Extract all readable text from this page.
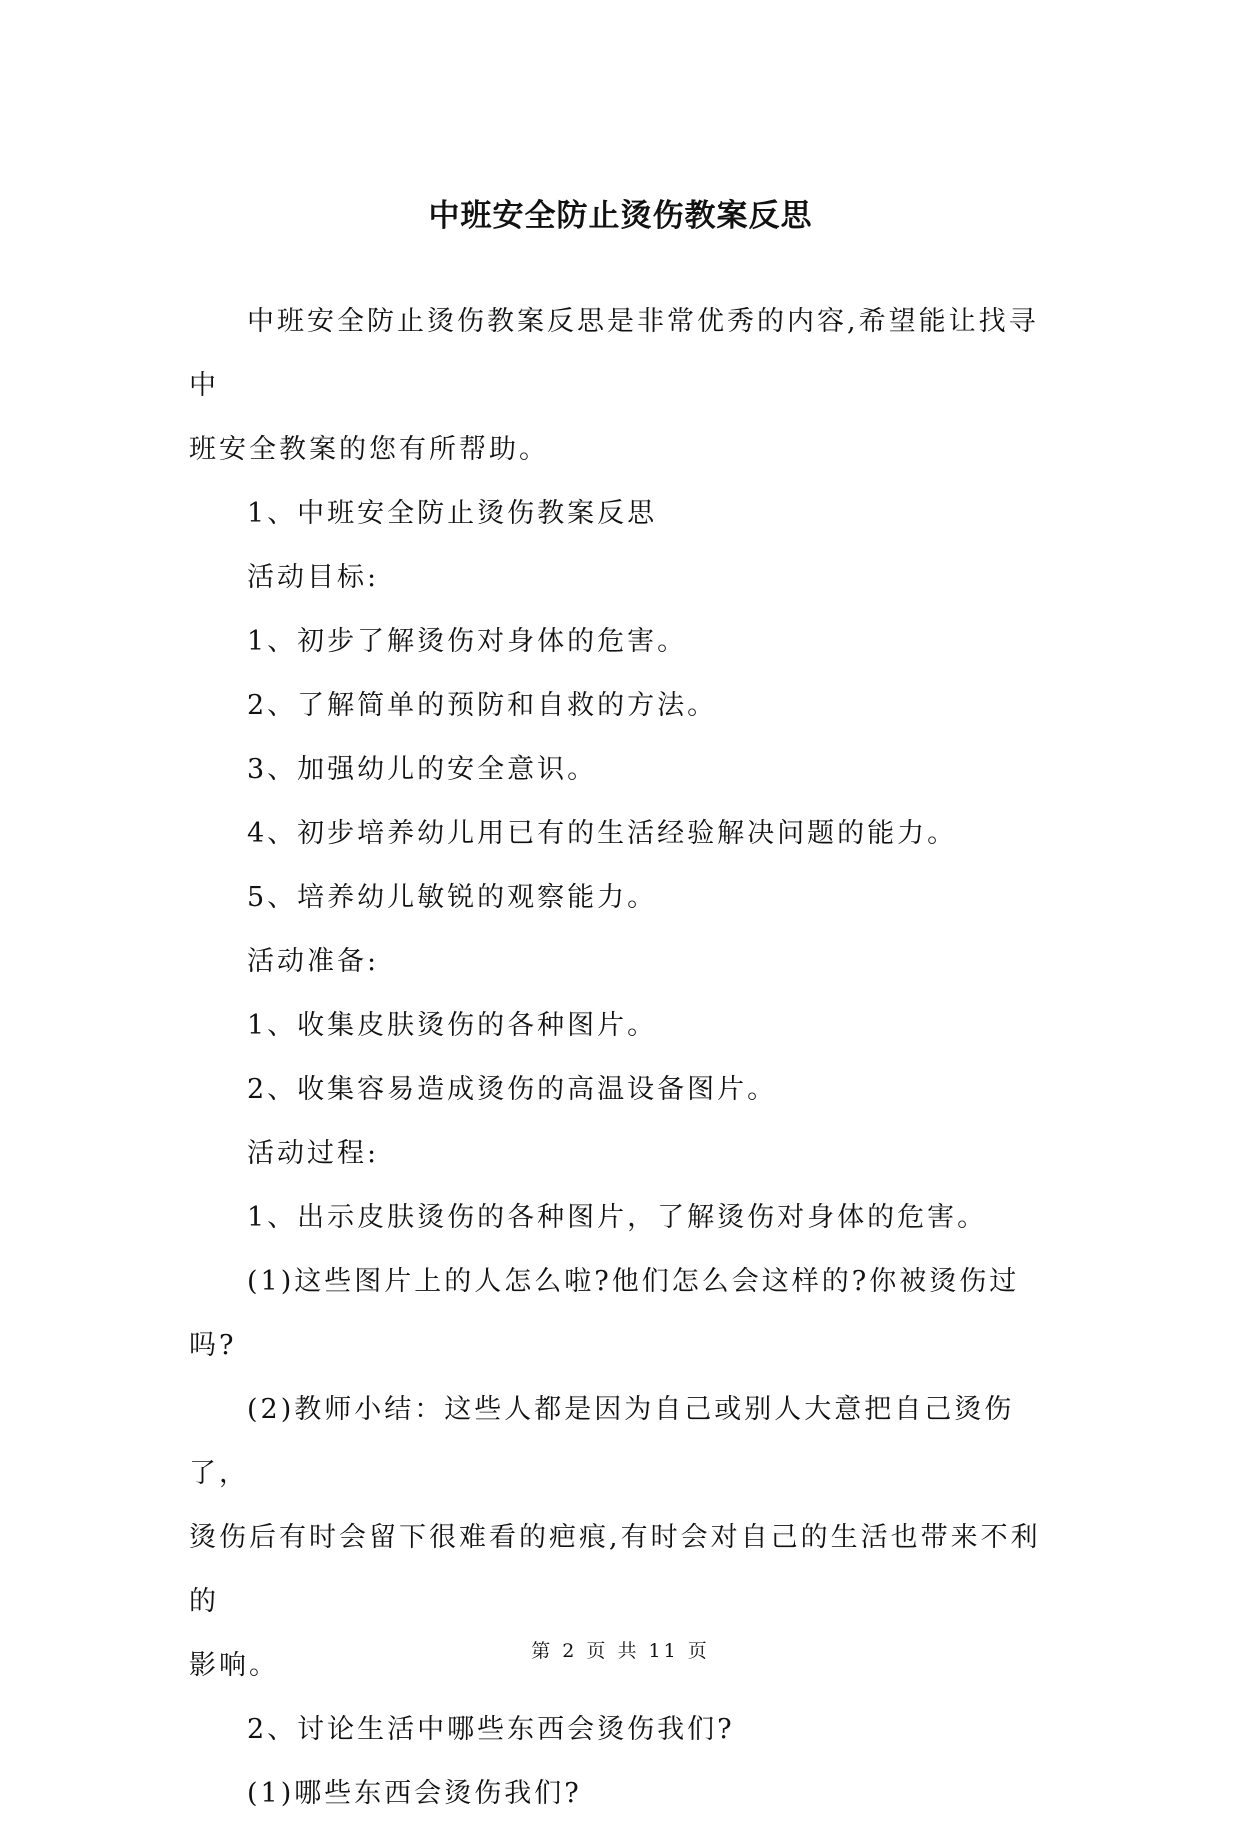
中班安全防止烫伤教案反思

中班安全防止烫伤教案反思是非常优秀的内容,希望能让找寻中

班安全教案的您有所帮助。

1、中班安全防止烫伤教案反思

活动目标:

1、初步了解烫伤对身体的危害。

2、了解简单的预防和自救的方法。

3、加强幼儿的安全意识。

4、初步培养幼儿用已有的生活经验解决问题的能力。

5、培养幼儿敏锐的观察能力。

活动准备:

1、收集皮肤烫伤的各种图片。

2、收集容易造成烫伤的高温设备图片。

活动过程:

1、出示皮肤烫伤的各种图片，了解烫伤对身体的危害。

(1)这些图片上的人怎么啦?他们怎么会这样的?你被烫伤过吗?

(2)教师小结：这些人都是因为自己或别人大意把自己烫伤了，

烫伤后有时会留下很难看的疤痕,有时会对自己的生活也带来不利的

影响。

2、讨论生活中哪些东西会烫伤我们?

(1)哪些东西会烫伤我们?

第 2 页 共 11 页
